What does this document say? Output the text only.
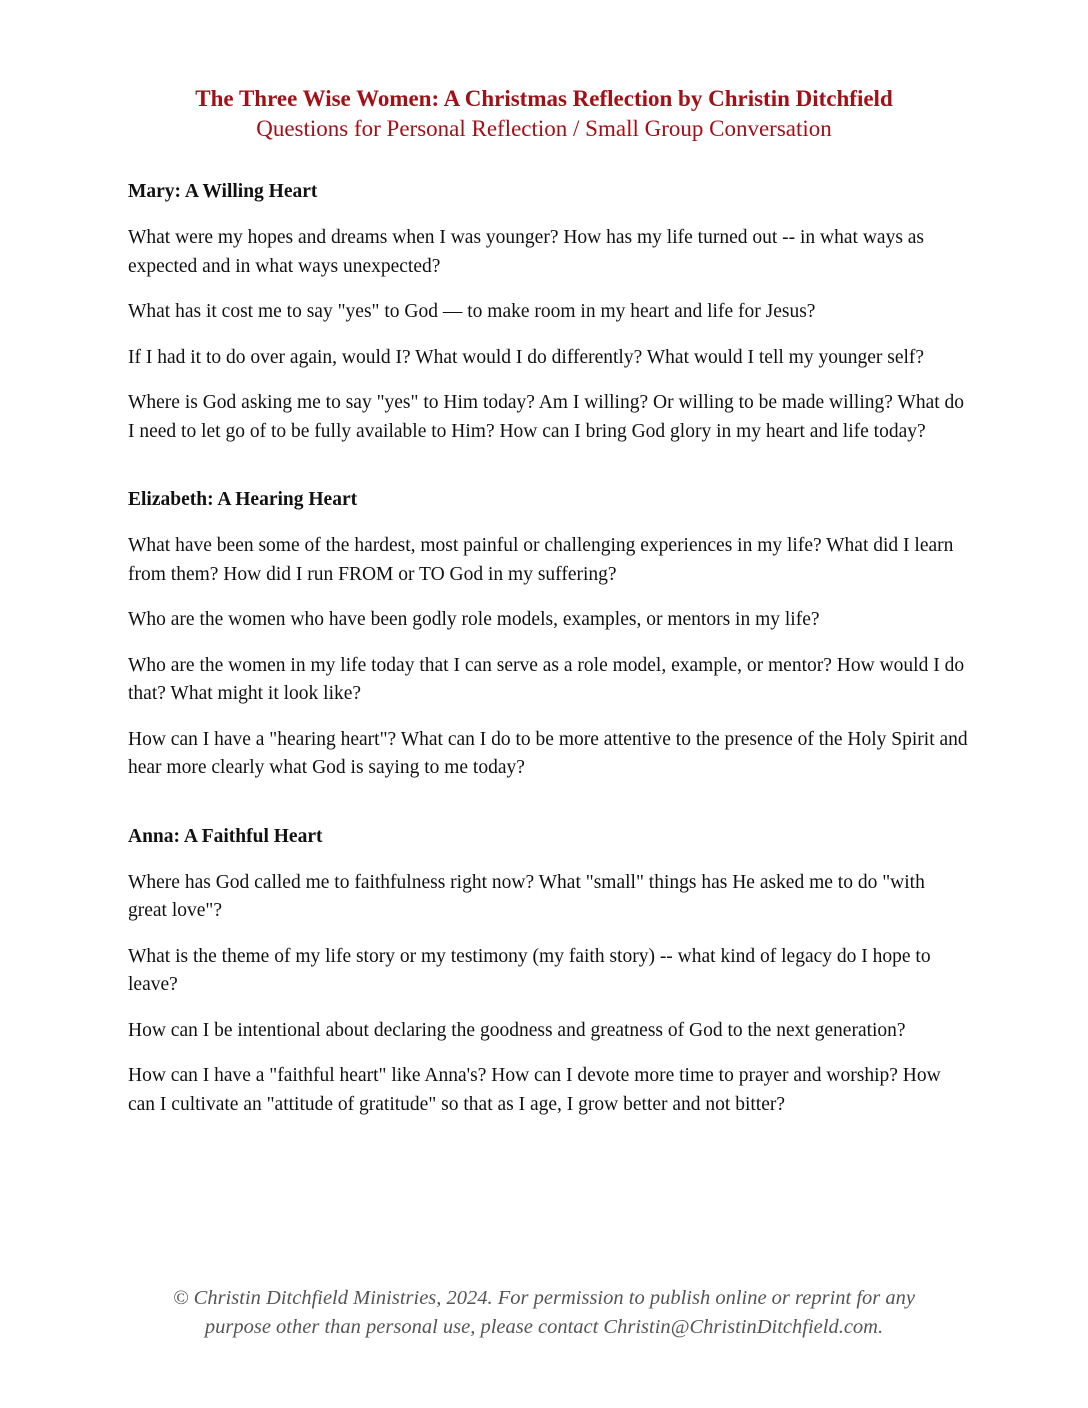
The Three Wise Women: A Christmas Reflection by Christin Ditchfield

Questions for Personal Reflection / Small Group Conversation

Mary: A Willing Heart

What were my hopes and dreams when I was younger? How has my life turned out -- in what ways as expected and in what ways unexpected?

What has it cost me to say "yes" to God — to make room in my heart and life for Jesus?

If I had it to do over again, would I? What would I do differently? What would I tell my younger self?

Where is God asking me to say "yes" to Him today? Am I willing? Or willing to be made willing? What do I need to let go of to be fully available to Him? How can I bring God glory in my heart and life today?

Elizabeth: A Hearing Heart

What have been some of the hardest, most painful or challenging experiences in my life? What did I learn from them? How did I run FROM or TO God in my suffering?

Who are the women who have been godly role models, examples, or mentors in my life?

Who are the women in my life today that I can serve as a role model, example, or mentor? How would I do that? What might it look like?

How can I have a "hearing heart"? What can I do to be more attentive to the presence of the Holy Spirit and hear more clearly what God is saying to me today?

Anna: A Faithful Heart

Where has God called me to faithfulness right now? What "small" things has He asked me to do "with great love"?

What is the theme of my life story or my testimony (my faith story) -- what kind of legacy do I hope to leave?

How can I be intentional about declaring the goodness and greatness of God to the next generation?

How can I have a "faithful heart" like Anna's? How can I devote more time to prayer and worship? How can I cultivate an "attitude of gratitude" so that as I age, I grow better and not bitter?

© Christin Ditchfield Ministries, 2024. For permission to publish online or reprint for any
purpose other than personal use, please contact Christin@ChristinDitchfield.com.
